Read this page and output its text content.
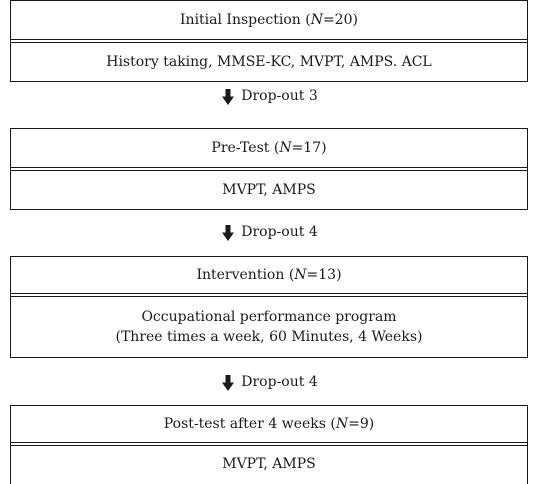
Initial Inspection (N=20)
History taking, MMSE-KC, MVPT, AMPS. ACL
Drop-out 3
Pre-Test (N=17)
MVPT, AMPS
Drop-out 4
Intervention (N=13)
Occupational performance program
(Three times a week, 60 Minutes, 4 Weeks)
Drop-out 4
Post-test after 4 weeks (N=9)
MVPT, AMPS
